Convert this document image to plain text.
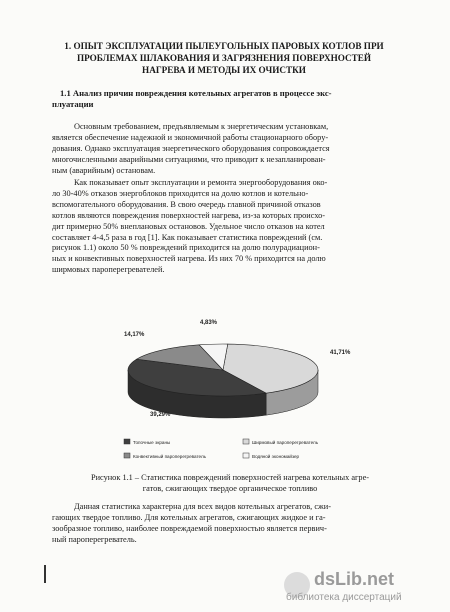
1. ОПЫТ ЭКСПЛУАТАЦИИ ПЫЛЕУГОЛЬНЫХ ПАРОВЫХ КОТЛОВ ПРИ
ПРОБЛЕМАХ ШЛАКОВАНИЯ И ЗАГРЯЗНЕНИЯ ПОВЕРХНОСТЕЙ
НАГРЕВА И МЕТОДЫ ИХ ОЧИСТКИ
1.1 Анализ причин повреждения котельных агрегатов в процессе экс-
плуатации
Основным требованием, предъявляемым к энергетическим установкам,
является обеспечение надежной и экономичной работы стационарного обору-
дования. Однако эксплуатация энергетического оборудования сопровождается
многочисленными аварийными ситуациями, что приводит к незапланирован-
ным (аварийным) остановам.
Как показывает опыт эксплуатации и ремонта энергооборудования око-
ло 30-40% отказов энергоблоков приходится на долю котлов и котельно-
вспомогательного оборудования. В свою очередь главной причиной отказов
котлов являются повреждения поверхностей нагрева, из-за которых происхо-
дит примерно 50% внеплановых остановов. Удельное число отказов на котел
составляет 4-4,5 раза в год [1]. Как показывает статистика повреждений (см.
рисунок 1.1) около 50 % повреждений приходится на долю полурадиацион-
ных и конвективных поверхностей нагрева. Из них 70 % приходится на долю
ширмовых пароперегревателей.
41,71%
39,29%
14,17%
4,83%
Топочные экраны	Ширмовый пароперегреватель
Конвективный пароперегреватель	Водяной экономайзер
Рисунок 1.1 – Статистика повреждений поверхностей нагрева котельных агре-
гатов, сжигающих твердое органическое топливо
Данная статистика характерна для всех видов котельных агрегатов, сжи-
гающих твердое топливо. Для котельных агрегатов, сжигающих жидкое и га-
зообразное топливо, наиболее повреждаемой поверхностью является первич-
ный пароперегреватель.
dsLib.net
библиотека диссертаций
